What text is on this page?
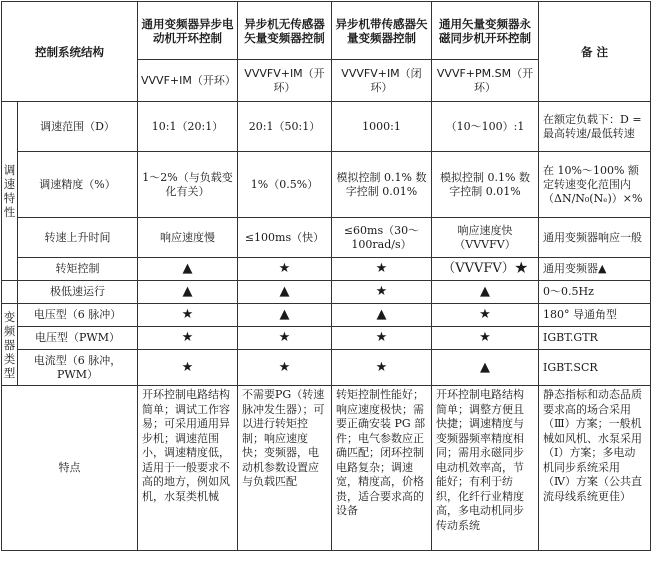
控制系统结构		通用变频器异步电动机开环控制	异步机无传感器矢量变频器控制	异步机带传感器矢量变频器控制	通用矢量变频器永磁同步机开环控制	备 注
		VVVF+IM（开环）	VVVFV+IM（开环）	VVVFV+IM（闭环）	VVVF+PM.SM（开环）	
调速特性	调速范围（D）	10:1（20:1）	20:1（50:1）	1000:1	（10～100）:1	在额定负载下：D = 最高转速/最低转速
	调速精度（%）	1～2%（与负载变化有关）	1%（0.5%）	模拟控制 0.1% 数字控制 0.01%	模拟控制 0.1% 数字控制 0.01%	在 10%～100% 额定转速变化范围内（ΔN/N₀(Nₑ)）×%
	转速上升时间	响应速度慢	≤100ms（快）	≤60ms（30～100rad/s）	响应速度快（VVVFV）	通用变频器响应一般
	转矩控制	▲	★	★	（VVVFV）★	通用变频器▲
	极低速运行	▲	▲	★	▲	0～0.5Hz
变频器类型	电压型（6 脉冲）	★	▲	▲	★	180° 导通角型
	电压型（PWM）	★	★	★	★	IGBT.GTR
	电流型（6 脉冲，PWM）	★	★	★	▲	IGBT.SCR
特点		开环控制电路结构简单；调试工作容易；可采用通用异步机；调速范围小，调速精度低，适用于一般要求不高的地方，例如风机，水泵类机械	不需要PG（转速脉冲发生器）；可以进行转矩控制；响应速度快；变频器，电动机参数设置应与负载匹配	转矩控制性能好；响应速度极快；需要正确安装 PG 部件；电气参数应正确匹配；闭环控制电路复杂；调速宽，精度高，价格贵，适合要求高的设备	开环控制电路结构简单；调整方便且快捷；调速精度与变频器频率精度相同；需用永磁同步电动机效率高，节能好；有利于纺织，化纤行业精度高，多电动机同步传动系统	静态指标和动态品质要求高的场合采用（Ⅲ）方案；一般机械如风机、水泵采用（Ⅰ）方案；多电动机同步系统采用（Ⅳ）方案（公共直流母线系统更佳）
